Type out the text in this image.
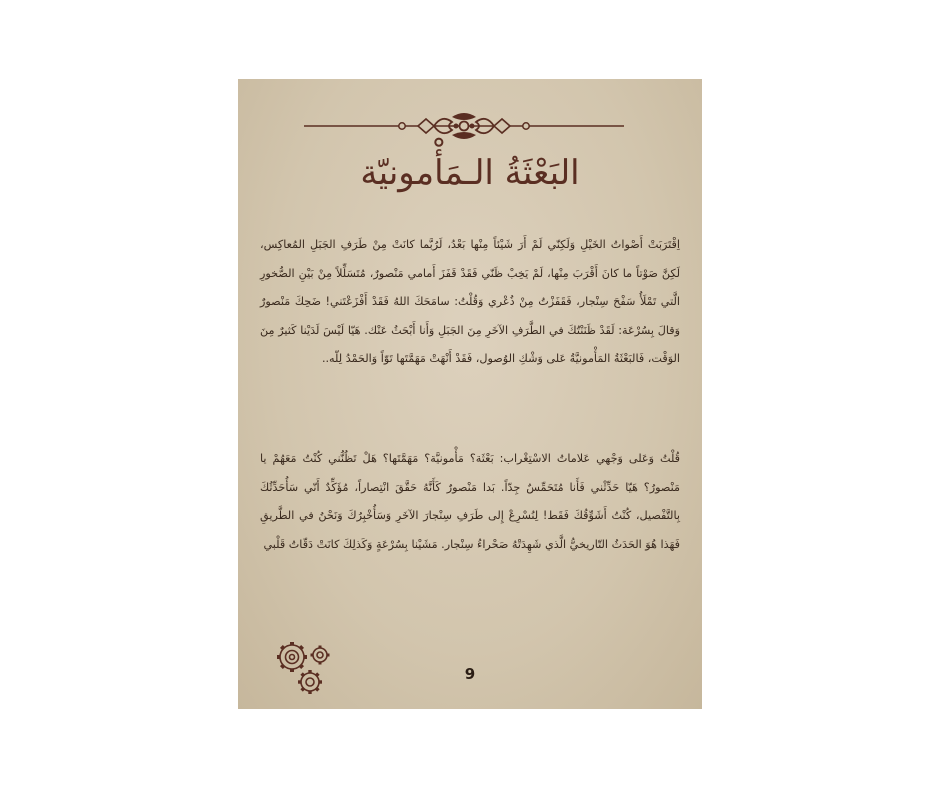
البَعْثَةُ الـمَأْمونيّة

اِقْتَرَبَتْ أَصْواتُ الخَيْلِ وَلَكِنّي لَمْ أَرَ شَيْئاً مِنْها بَعْدُ، لَرُبَّما كانَتْ مِنْ طَرَفِ الجَبَلِ المُعاكِس، لَكِنَّ صَوْتاً ما كانَ أَقْرَبَ مِنْها، لَمْ يَخِبْ ظَنّي فَقَدْ قَفَزَ أَمامي مَنْصورٌ، مُتَسَلِّلاً مِنْ بَيْنِ الصُّخورِ الَّتي تَمْلَأُ سَفْحَ سِنْجار، فَقَفَزْتُ مِنْ ذُعْري وَقُلْتُ: سامَحَكَ اللهُ فَقَدْ أَفْزَعْتَني! ضَحِكَ مَنْصورٌ وَقالَ بِسُرْعَة: لَقَدْ ظَنَنْتُكَ في الطَّرَفِ الآخَرِ مِنَ الجَبَلِ وَأَنا أَبْحَثُ عَنْك. هَيّا لَيْسَ لَدَيْنا كَثيرٌ مِنَ الوَقْت، فَالبَعْثَةُ المَأْمونيَّةُ عَلى وَشْكِ الوُصول، فَقَدْ أَنْهَتْ مَهَمَّتَها تَوّاً وَالحَمْدُ لِلّه..

قُلْتُ وَعَلى وَجْهي عَلاماتُ الاسْتِغْراب: بَعْثَة؟ مَأْمونيَّة؟ مَهَمَّتَها؟ هَلْ تَظُنُّني كُنْتُ مَعَهُمْ يا مَنْصورُ؟ هَيّا حَدِّثْني فَأَنا مُتَحَمِّسٌ جِدّاً. بَدا مَنْصورٌ كَأَنَّهُ حَقَّقَ انْتِصاراً، مُؤَكِّدٌ أَنّي سَأُحَدِّثُكَ بِالتَّفْصيل، كُنْتُ أَشَوِّقُكَ فَقَط! لِنُسْرِعْ إِلى طَرَفِ سِنْجارَ الآخَرِ وَسَأُخْبِرُكَ وَنَحْنُ في الطَّريقِ فَهَذا هُوَ الحَدَثُ التّاريخيُّ الَّذي شَهِدَتْهُ صَحْراءُ سِنْجار. مَشَيْنا بِسُرْعَةٍ وَكَذلِكَ كانَتْ دَقّاتُ قَلْبي

9
